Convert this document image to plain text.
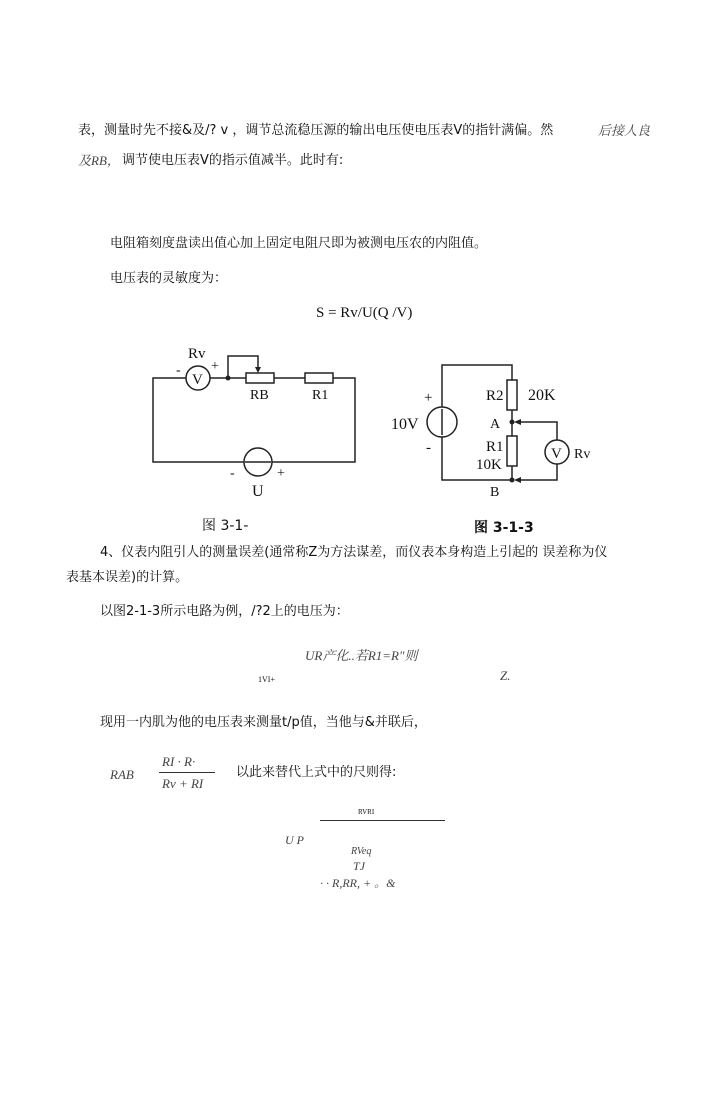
表，测量时先不接&及/? v ，调节总流稳压源的输出电压使电压表V的指针满偏。然	后接人良
及RB， 调节使电压表V的指示值减半。此时有:
电阻箱刻度盘读出值心加上固定电阻尺即为被测电压农的内阻值。
电压表的灵敏度为：
S = Rv/U(Q /V)
Rv
- +
V
RB	R1
-	+
U
+
-
10V
R2 20K
A
R1
10K
B
V Rv
图 3-1-	图 3-1-3
4、仪表内阻引人的测量误差(通常称Z为方法谋差，而仪表本身构造上引起的 误差称为仪
表基本误差)的计算。
以图2-1-3所示电路为例，/?2上的电压为：
UR产化..若R1=R"则
1VI+	Z.
现用一内肌为他的电压表来测量t/p值，当他与&并联后，
RAB
RI · R·
Rv + RI
以此来替代上式中的尺则得:
RVRI
U P
RVeq
TJ
· · R,RR, + 。&
